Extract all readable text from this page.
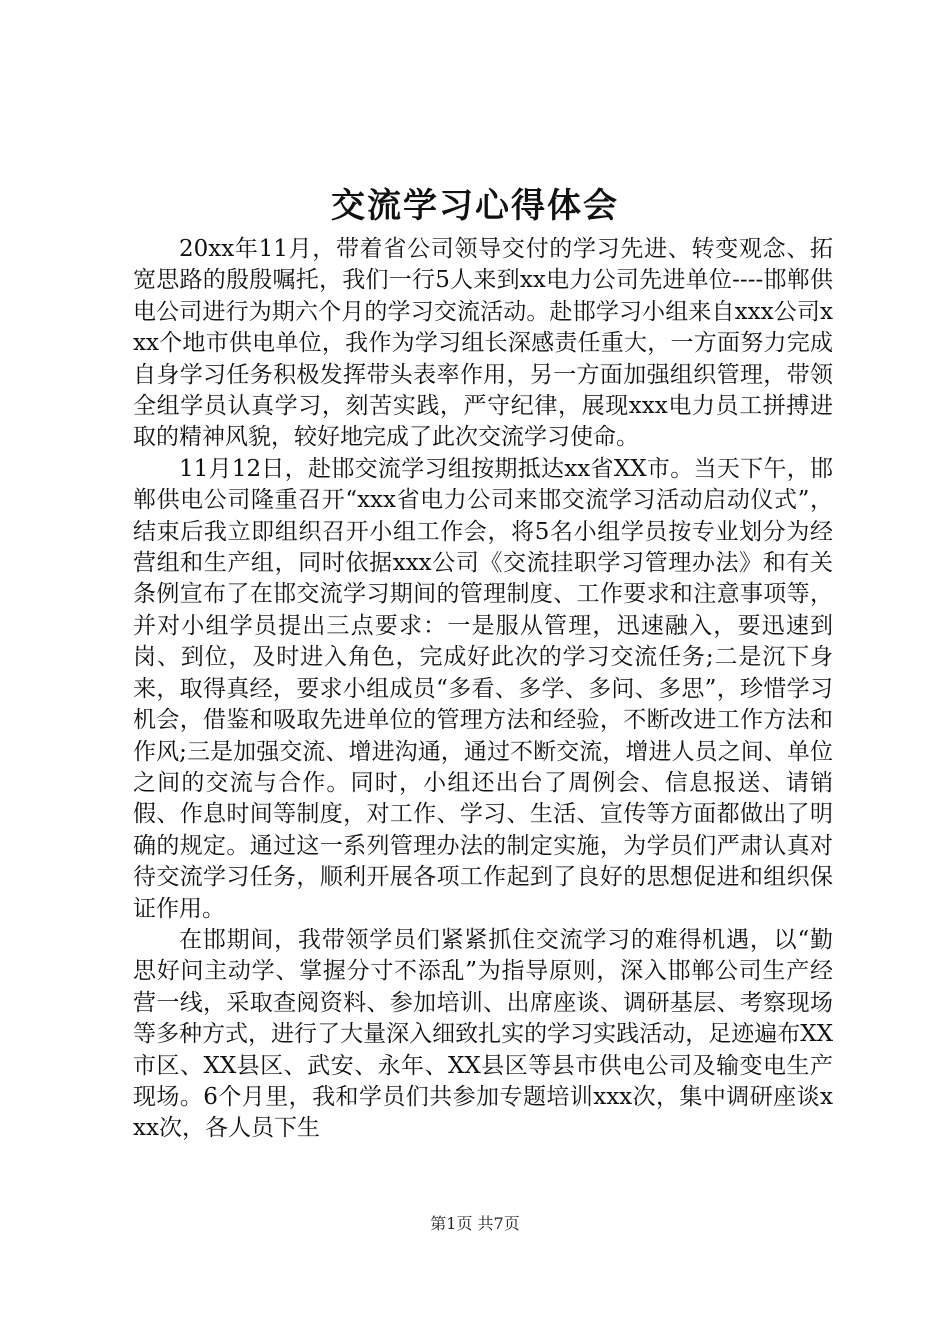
交流学习心得体会

20xx年11月，带着省公司领导交付的学习先进、转变观念、拓宽思路的殷殷嘱托，我们一行5人来到xx电力公司先进单位----邯郸供电公司进行为期六个月的学习交流活动。赴邯学习小组来自xxx公司xxx个地市供电单位，我作为学习组长深感责任重大，一方面努力完成自身学习任务积极发挥带头表率作用，另一方面加强组织管理，带领全组学员认真学习，刻苦实践，严守纪律，展现xxx电力员工拼搏进取的精神风貌，较好地完成了此次交流学习使命。

11月12日，赴邯交流学习组按期抵达xx省XX市。当天下午，邯郸供电公司隆重召开“xxx省电力公司来邯交流学习活动启动仪式”，结束后我立即组织召开小组工作会，将5名小组学员按专业划分为经营组和生产组，同时依据xxx公司《交流挂职学习管理办法》和有关条例宣布了在邯交流学习期间的管理制度、工作要求和注意事项等，并对小组学员提出三点要求：一是服从管理，迅速融入，要迅速到岗、到位，及时进入角色，完成好此次的学习交流任务;二是沉下身来，取得真经，要求小组成员“多看、多学、多问、多思”，珍惜学习机会，借鉴和吸取先进单位的管理方法和经验，不断改进工作方法和作风;三是加强交流、增进沟通，通过不断交流，增进人员之间、单位之间的交流与合作。同时，小组还出台了周例会、信息报送、请销假、作息时间等制度，对工作、学习、生活、宣传等方面都做出了明确的规定。通过这一系列管理办法的制定实施，为学员们严肃认真对待交流学习任务，顺利开展各项工作起到了良好的思想促进和组织保证作用。

在邯期间，我带领学员们紧紧抓住交流学习的难得机遇，以“勤思好问主动学、掌握分寸不添乱”为指导原则，深入邯郸公司生产经营一线，采取查阅资料、参加培训、出席座谈、调研基层、考察现场等多种方式，进行了大量深入细致扎实的学习实践活动，足迹遍布XX市区、XX县区、武安、永年、XX县区等县市供电公司及输变电生产现场。6个月里，我和学员们共参加专题培训xxx次，集中调研座谈xxx次，各人员下生

第1页 共7页
